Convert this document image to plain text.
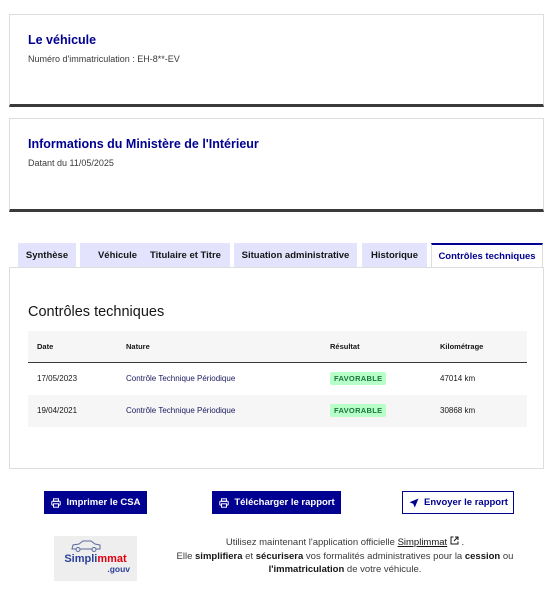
Le véhicule
Numéro d'immatriculation : EH-8**-EV
Informations du Ministère de l'Intérieur
Datant du 11/05/2025
Synthèse	Véhicule	Titulaire et Titre	Situation administrative	Historique	Contrôles techniques
Contrôles techniques
Date	Nature	Résultat	Kilométrage
17/05/2023	Contrôle Technique Périodique	FAVORABLE	47014 km
19/04/2021	Contrôle Technique Périodique	FAVORABLE	30868 km
Imprimer le CSA	Télécharger le rapport	Envoyer le rapport
Simplimmat
.gouv
Utilisez maintenant l'application officielle Simplimmat .
Elle simplifiera et sécurisera vos formalités administratives pour la cession ou
l'immatriculation de votre véhicule.
